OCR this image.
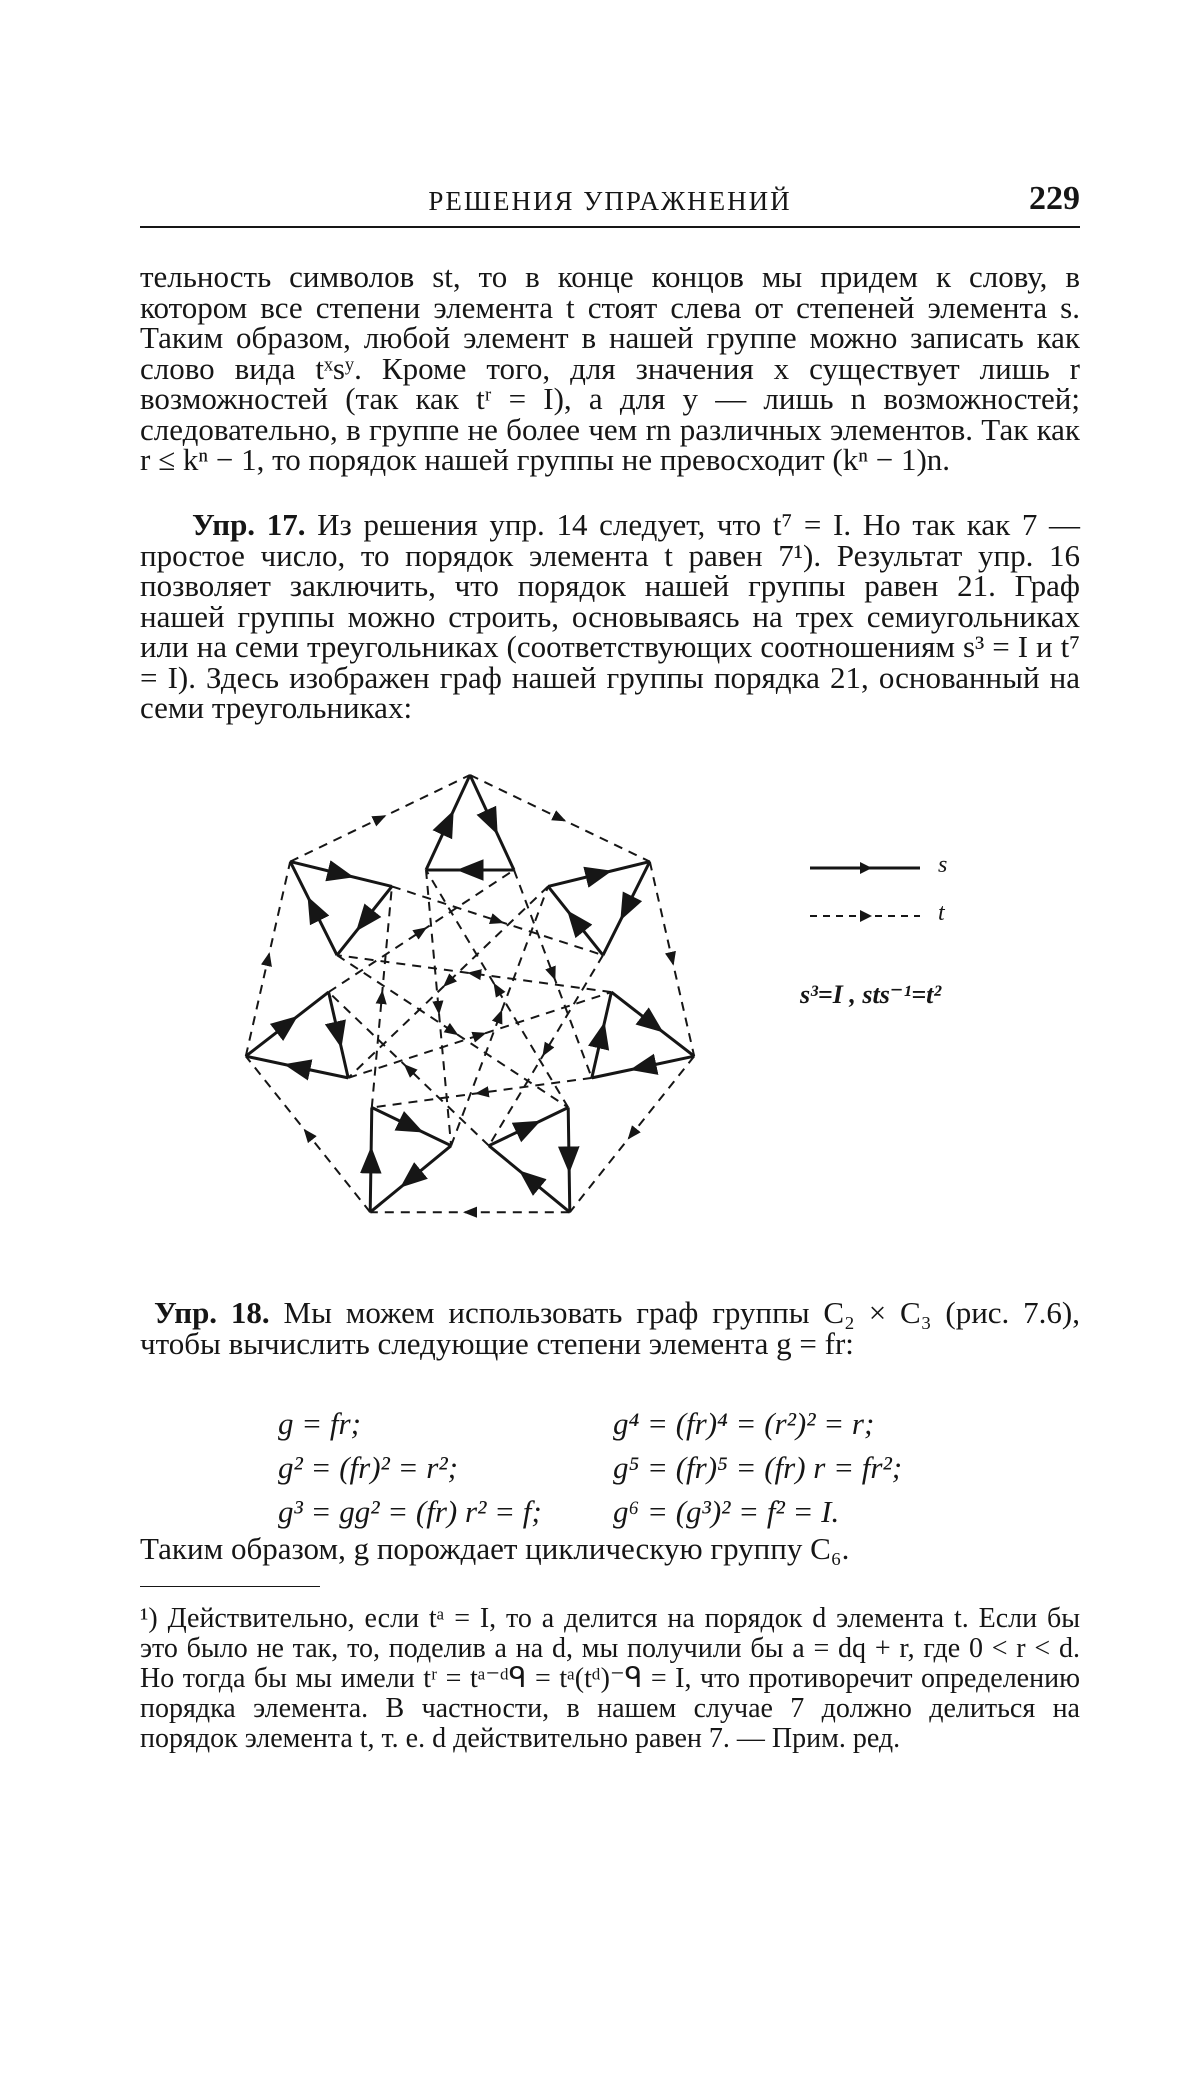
РЕШЕНИЯ УПРАЖНЕНИЙ	229

тельность символов st, то в конце концов мы придем к слову, в котором все степени элемента t стоят слева от степеней элемента s. Таким образом, любой элемент в нашей группе можно записать как слово вида tˣsʸ. Кроме того, для значения x существует лишь r возможностей (так как tʳ = I), а для y — лишь n возможностей; следовательно, в группе не более чем rn различных элементов. Так как r ≤ kⁿ − 1, то порядок нашей группы не превосходит (kⁿ − 1)n.

Упр. 17. Из решения упр. 14 следует, что t⁷ = I. Но так как 7 — простое число, то порядок элемента t равен 7¹). Результат упр. 16 позволяет заключить, что порядок нашей группы равен 21. Граф нашей группы можно строить, основываясь на трех семиугольниках или на семи треугольниках (соответствующих соотношениям s³ = I и t⁷ = I). Здесь изображен граф нашей группы порядка 21, основанный на семи треугольниках:

s
t
s³=I , sts⁻¹=t²

Упр. 18. Мы можем использовать граф группы C₂ × C₃ (рис. 7.6), чтобы вычислить следующие степени элемента g = fr:

g = fr;	g⁴ = (fr)⁴ = (r²)² = r;
g² = (fr)² = r²;	g⁵ = (fr)⁵ = (fr) r = fr²;
g³ = gg² = (fr) r² = f; g⁶ = (g³)² = f² = I.

Таким образом, g порождает циклическую группу C₆.

¹) Действительно, если tᵃ = I, то a делится на порядок d элемента t. Если бы это было не так, то, поделив a на d, мы получили бы a = dq + r, где 0 < r < d. Но тогда бы мы имели tʳ = tᵃ⁻ᵈᑫ = tᵃ(tᵈ)⁻ᑫ = I, что противоречит определению порядка элемента. В частности, в нашем случае 7 должно делиться на порядок элемента t, т. е. d действительно равен 7. — Прим. ред.
